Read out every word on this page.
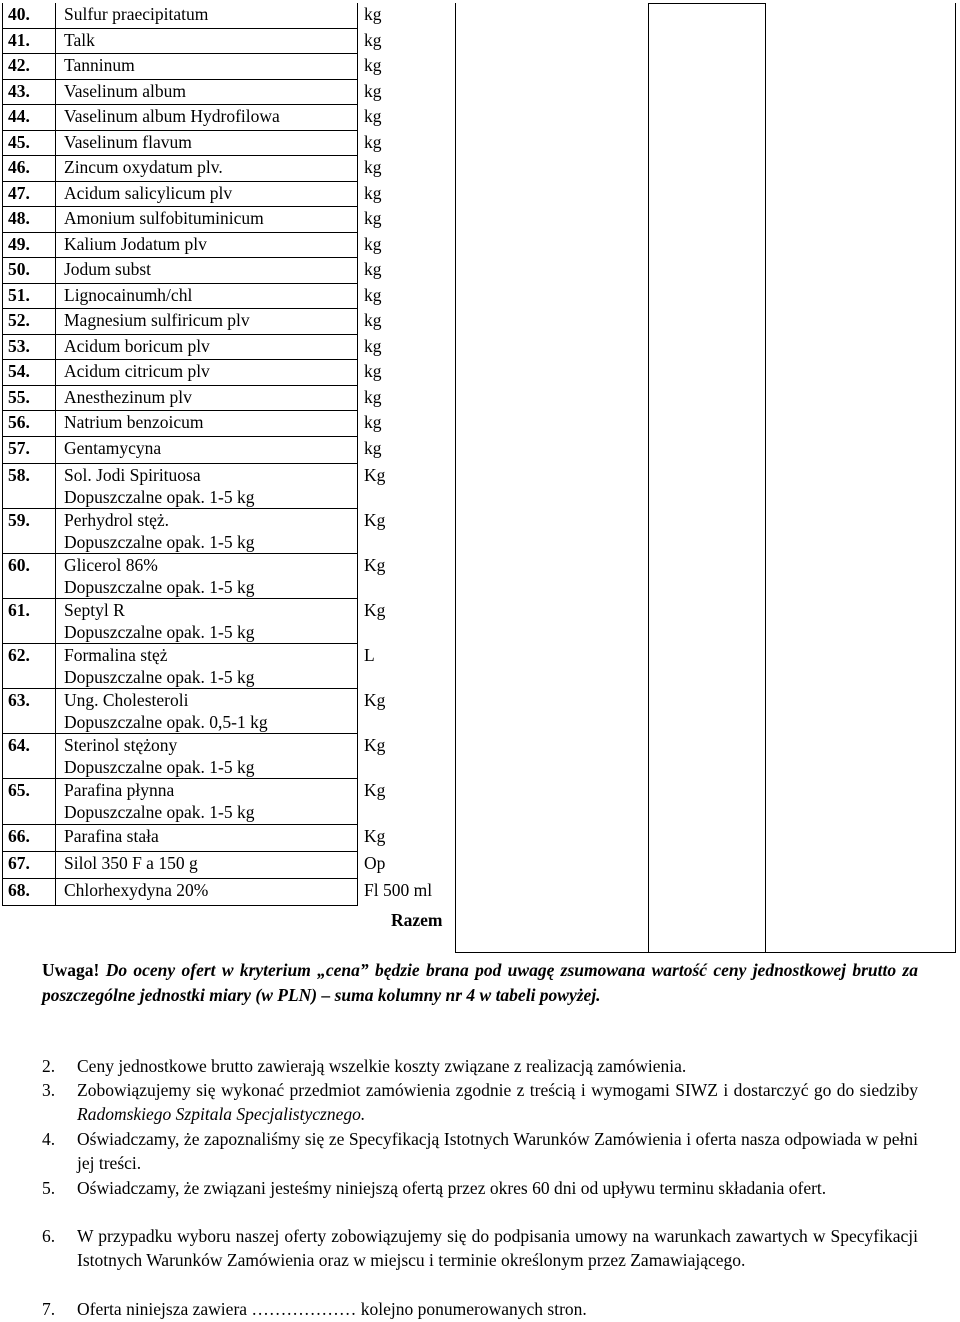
40. Sulfur praecipitatum	kg
41. Talk	kg
42. Tanninum	kg
43. Vaselinum album	kg
44. Vaselinum album Hydrofilowa	kg
45. Vaselinum flavum	kg
46. Zincum oxydatum plv.	kg
47. Acidum salicylicum plv	kg
48. Amonium sulfobituminicum	kg
49. Kalium Jodatum plv	kg
50. Jodum subst	kg
51. Lignocainumh/chl	kg
52. Magnesium sulfiricum plv	kg
53. Acidum boricum plv	kg
54. Acidum citricum plv	kg
55. Anesthezinum plv	kg
56. Natrium benzoicum	kg
57. Gentamycyna	kg
58. Sol. Jodi Spirituosa	Kg
Dopuszczalne opak. 1-5 kg
59. Perhydrol stęż.	Kg
Dopuszczalne opak. 1-5 kg
60. Glicerol 86%	Kg
Dopuszczalne opak. 1-5 kg
61. Septyl R	Kg
Dopuszczalne opak. 1-5 kg
62. Formalina stęż	L
Dopuszczalne opak. 1-5 kg
63. Ung. Cholesteroli	Kg
Dopuszczalne opak. 0,5-1 kg
64. Sterinol stężony	Kg
Dopuszczalne opak. 1-5 kg
65. Parafina płynna	Kg
Dopuszczalne opak. 1-5 kg
66. Parafina stała	Kg
67. Silol 350 F a 150 g	Op
68. Chlorhexydyna 20%	Fl 500 ml
Razem
Uwaga! Do oceny ofert w kryterium „cena” będzie brana pod uwagę zsumowana wartość ceny jednostkowej brutto za poszczególne jednostki miary (w PLN) – suma kolumny nr 4 w tabeli powyżej.
2. Ceny jednostkowe brutto zawierają wszelkie koszty związane z realizacją zamówienia.
3. Zobowiązujemy się wykonać przedmiot zamówienia zgodnie z treścią i wymogami SIWZ i dostarczyć go do siedziby Radomskiego Szpitala Specjalistycznego.
4. Oświadczamy, że zapoznaliśmy się ze Specyfikacją Istotnych Warunków Zamówienia i oferta nasza odpowiada w pełni jej treści.
5. Oświadczamy, że związani jesteśmy niniejszą ofertą przez okres 60 dni od upływu terminu składania ofert.
6. W przypadku wyboru naszej oferty zobowiązujemy się do podpisania umowy na warunkach zawartych w Specyfikacji Istotnych Warunków Zamówienia oraz w miejscu i terminie określonym przez Zamawiającego.
7. Oferta niniejsza zawiera ……………… kolejno ponumerowanych stron.
